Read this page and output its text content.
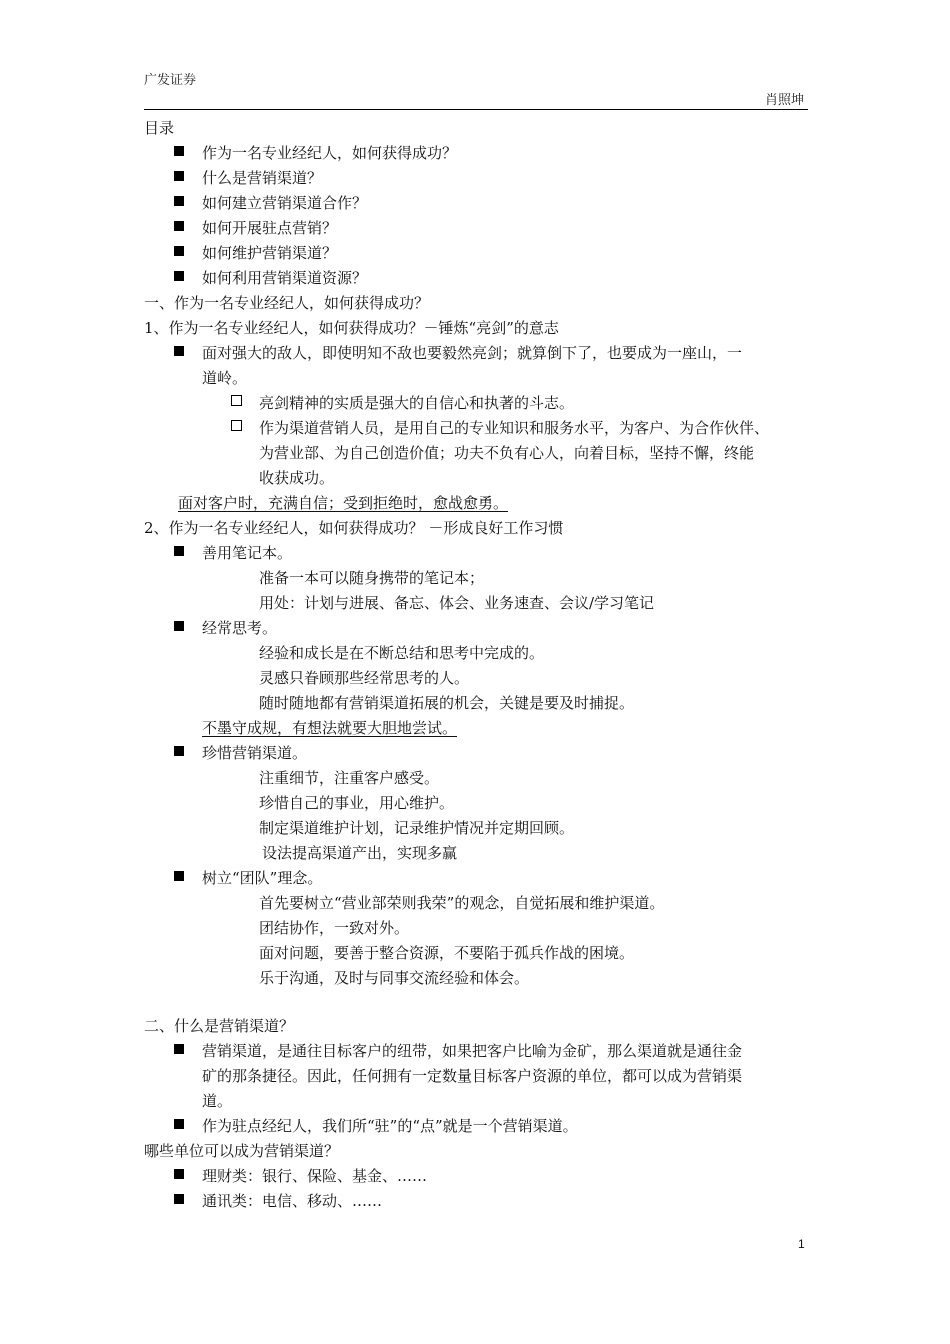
广发证券
肖照坤
目录
作为一名专业经纪人，如何获得成功？
什么是营销渠道？
如何建立营销渠道合作？
如何开展驻点营销？
如何维护营销渠道？
如何利用营销渠道资源？
一、作为一名专业经纪人，如何获得成功？
1、作为一名专业经纪人，如何获得成功？－锤炼“亮剑”的意志
面对强大的敌人，即使明知不敌也要毅然亮剑；就算倒下了，也要成为一座山，一
道岭。
亮剑精神的实质是强大的自信心和执著的斗志。
作为渠道营销人员，是用自己的专业知识和服务水平，为客户、为合作伙伴、
为营业部、为自己创造价值；功夫不负有心人，向着目标，坚持不懈，终能
收获成功。
面对客户时，充满自信；受到拒绝时，愈战愈勇。
2、作为一名专业经纪人，如何获得成功？ －形成良好工作习惯
善用笔记本。
准备一本可以随身携带的笔记本；
用处：计划与进展、备忘、体会、业务速查、会议/学习笔记
经常思考。
经验和成长是在不断总结和思考中完成的。
灵感只眷顾那些经常思考的人。
随时随地都有营销渠道拓展的机会，关键是要及时捕捉。
不墨守成规，有想法就要大胆地尝试。
珍惜营销渠道。
注重细节，注重客户感受。
珍惜自己的事业，用心维护。
制定渠道维护计划，记录维护情况并定期回顾。
设法提高渠道产出，实现多赢
树立“团队”理念。
首先要树立“营业部荣则我荣”的观念，自觉拓展和维护渠道。
团结协作，一致对外。
面对问题，要善于整合资源，不要陷于孤兵作战的困境。
乐于沟通，及时与同事交流经验和体会。
二、什么是营销渠道？
营销渠道，是通往目标客户的纽带，如果把客户比喻为金矿，那么渠道就是通往金
矿的那条捷径。因此，任何拥有一定数量目标客户资源的单位，都可以成为营销渠
道。
作为驻点经纪人，我们所“驻”的“点”就是一个营销渠道。
哪些单位可以成为营销渠道？
理财类：银行、保险、基金、……
通讯类：电信、移动、……
1
